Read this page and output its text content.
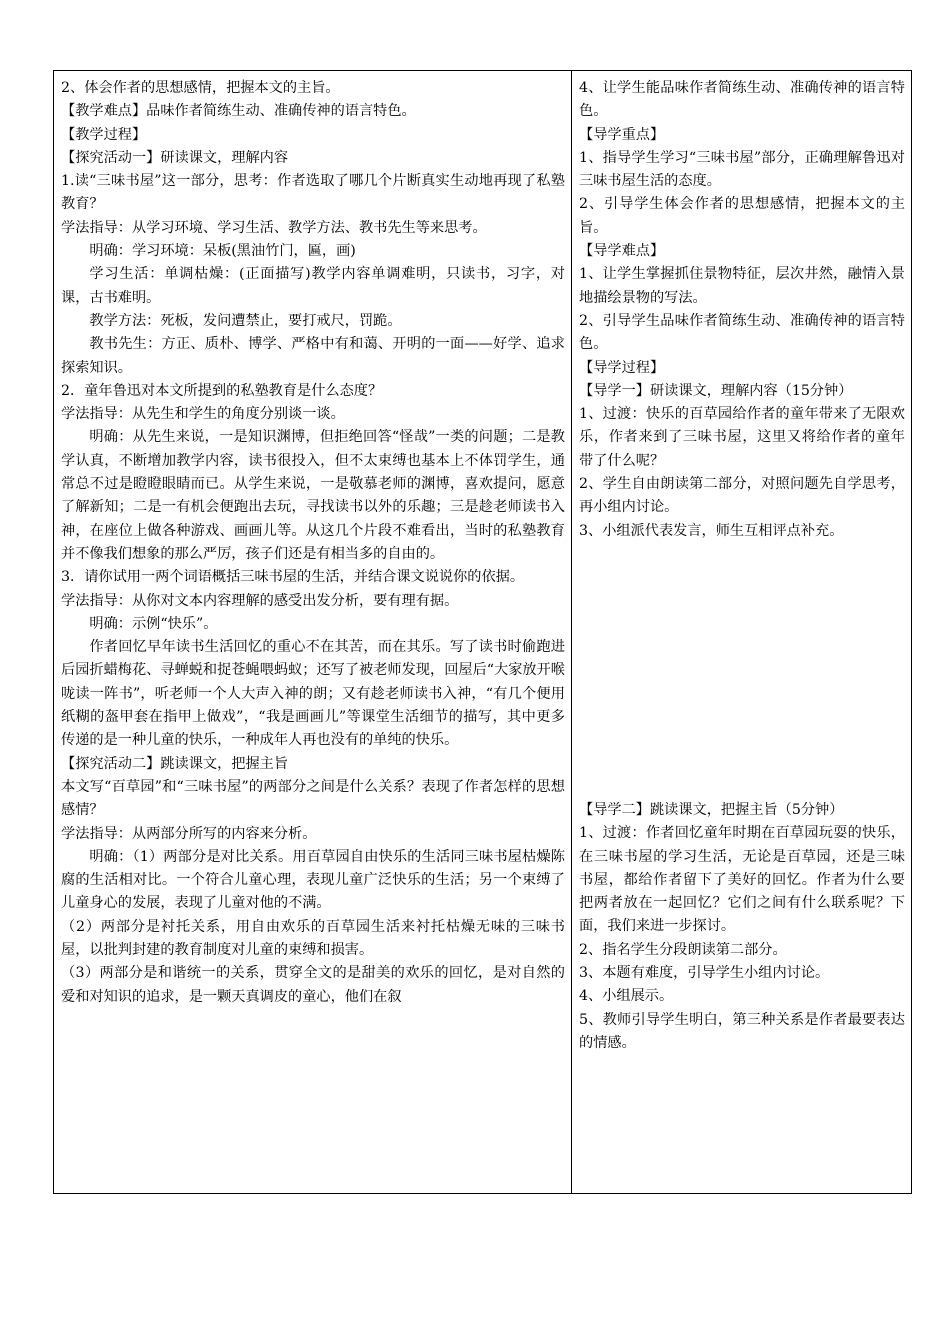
2、体会作者的思想感情，把握本文的主旨。

【教学难点】品味作者简练生动、准确传神的语言特色。

【教学过程】

【探究活动一】研读课文，理解内容

1.读“三味书屋”这一部分，思考：作者选取了哪几个片断真实生动地再现了私塾教育？

学法指导：从学习环境、学习生活、教学方法、教书先生等来思考。

明确：学习环境：呆板(黑油竹门，匾，画)

学习生活：单调枯燥：(正面描写)教学内容单调难明，只读书，习字，对课，古书难明。

教学方法：死板，发问遭禁止，要打戒尺，罚跪。

教书先生：方正、质朴、博学、严格中有和蔼、开明的一面——好学、追求探索知识。

2．童年鲁迅对本文所提到的私塾教育是什么态度？

学法指导：从先生和学生的角度分别谈一谈。

明确：从先生来说，一是知识渊博，但拒绝回答“怪哉”一类的问题；二是教学认真，不断增加教学内容，读书很投入，但不太束缚也基本上不体罚学生，通常总不过是瞪瞪眼睛而已。从学生来说，一是敬慕老师的渊博，喜欢提问，愿意了解新知；二是一有机会便跑出去玩，寻找读书以外的乐趣；三是趁老师读书入神，在座位上做各种游戏、画画儿等。从这几个片段不难看出，当时的私塾教育并不像我们想象的那么严厉，孩子们还是有相当多的自由的。

3．请你试用一两个词语概括三味书屋的生活，并结合课文说说你的依据。

学法指导：从你对文本内容理解的感受出发分析，要有理有据。

明确：示例“快乐”。

作者回忆早年读书生活回忆的重心不在其苦，而在其乐。写了读书时偷跑进后园折蜡梅花、寻蝉蜕和捉苍蝇喂蚂蚁；还写了被老师发现，回屋后“大家放开喉咙读一阵书”，听老师一个人大声入神的朗；又有趁老师读书入神，“有几个便用纸糊的盔甲套在指甲上做戏”，“我是画画儿”等课堂生活细节的描写，其中更多传递的是一种儿童的快乐，一种成年人再也没有的单纯的快乐。

【探究活动二】跳读课文，把握主旨

本文写“百草园”和“三味书屋”的两部分之间是什么关系？表现了作者怎样的思想感情？

学法指导：从两部分所写的内容来分析。

明确：（1）两部分是对比关系。用百草园自由快乐的生活同三味书屋枯燥陈腐的生活相对比。一个符合儿童心理，表现儿童广泛快乐的生活；另一个束缚了儿童身心的发展，表现了儿童对他的不满。

（2）两部分是衬托关系，用自由欢乐的百草园生活来衬托枯燥无味的三味书屋，以批判封建的教育制度对儿童的束缚和损害。

（3）两部分是和谐统一的关系，贯穿全文的是甜美的欢乐的回忆，是对自然的爱和对知识的追求，是一颗天真调皮的童心，他们在叙

4、让学生能品味作者简练生动、准确传神的语言特色。

【导学重点】

1、指导学生学习“三味书屋”部分，正确理解鲁迅对三味书屋生活的态度。

2、引导学生体会作者的思想感情，把握本文的主旨。

【导学难点】

1、让学生掌握抓住景物特征，层次井然，融情入景地描绘景物的写法。

2、引导学生品味作者简练生动、准确传神的语言特色。

【导学过程】

【导学一】研读课文，理解内容（15分钟）

1、过渡：快乐的百草园给作者的童年带来了无限欢乐，作者来到了三味书屋，这里又将给作者的童年带了什么呢？

2、学生自由朗读第二部分，对照问题先自学思考，再小组内讨论。

3、小组派代表发言，师生互相评点补充。

【导学二】跳读课文，把握主旨（5分钟）

1、过渡：作者回忆童年时期在百草园玩耍的快乐，在三味书屋的学习生活，无论是百草园，还是三味书屋，都给作者留下了美好的回忆。作者为什么要把两者放在一起回忆？它们之间有什么联系呢？下面，我们来进一步探讨。

2、指名学生分段朗读第二部分。

3、本题有难度，引导学生小组内讨论。

4、小组展示。

5、教师引导学生明白，第三种关系是作者最要表达的情感。
